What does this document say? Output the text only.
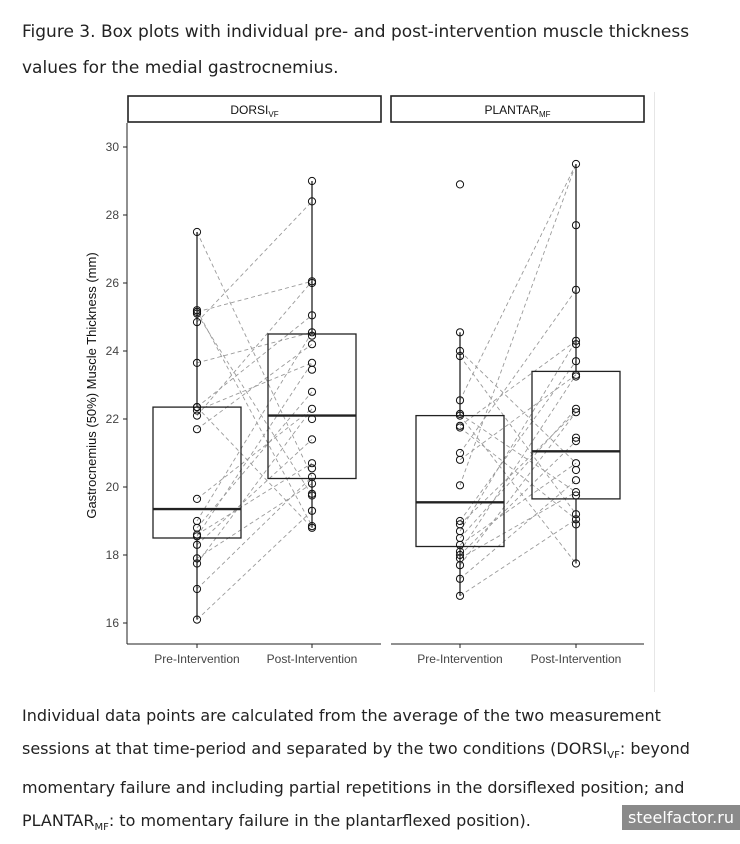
Figure 3. Box plots with individual pre- and post-intervention muscle thickness values for the medial gastrocnemius.
16
18
20
22
24
26
28
30
Gastrocnemius (50%) Muscle Thickness (mm)
$DORSI_{VF}$
Pre-Intervention Post-Intervention
$PLANTAR_{MF}$
Pre-Intervention Post-Intervention
Individual data points are calculated from the average of the two measurement sessions at that time-period and separated by the two conditions ($DORSI_{VF}$: beyond momentary failure and including partial repetitions in the dorsiflexed position; and $PLANTAR_{MF}$: to momentary failure in the plantarflexed position).	steelfactor.ru
